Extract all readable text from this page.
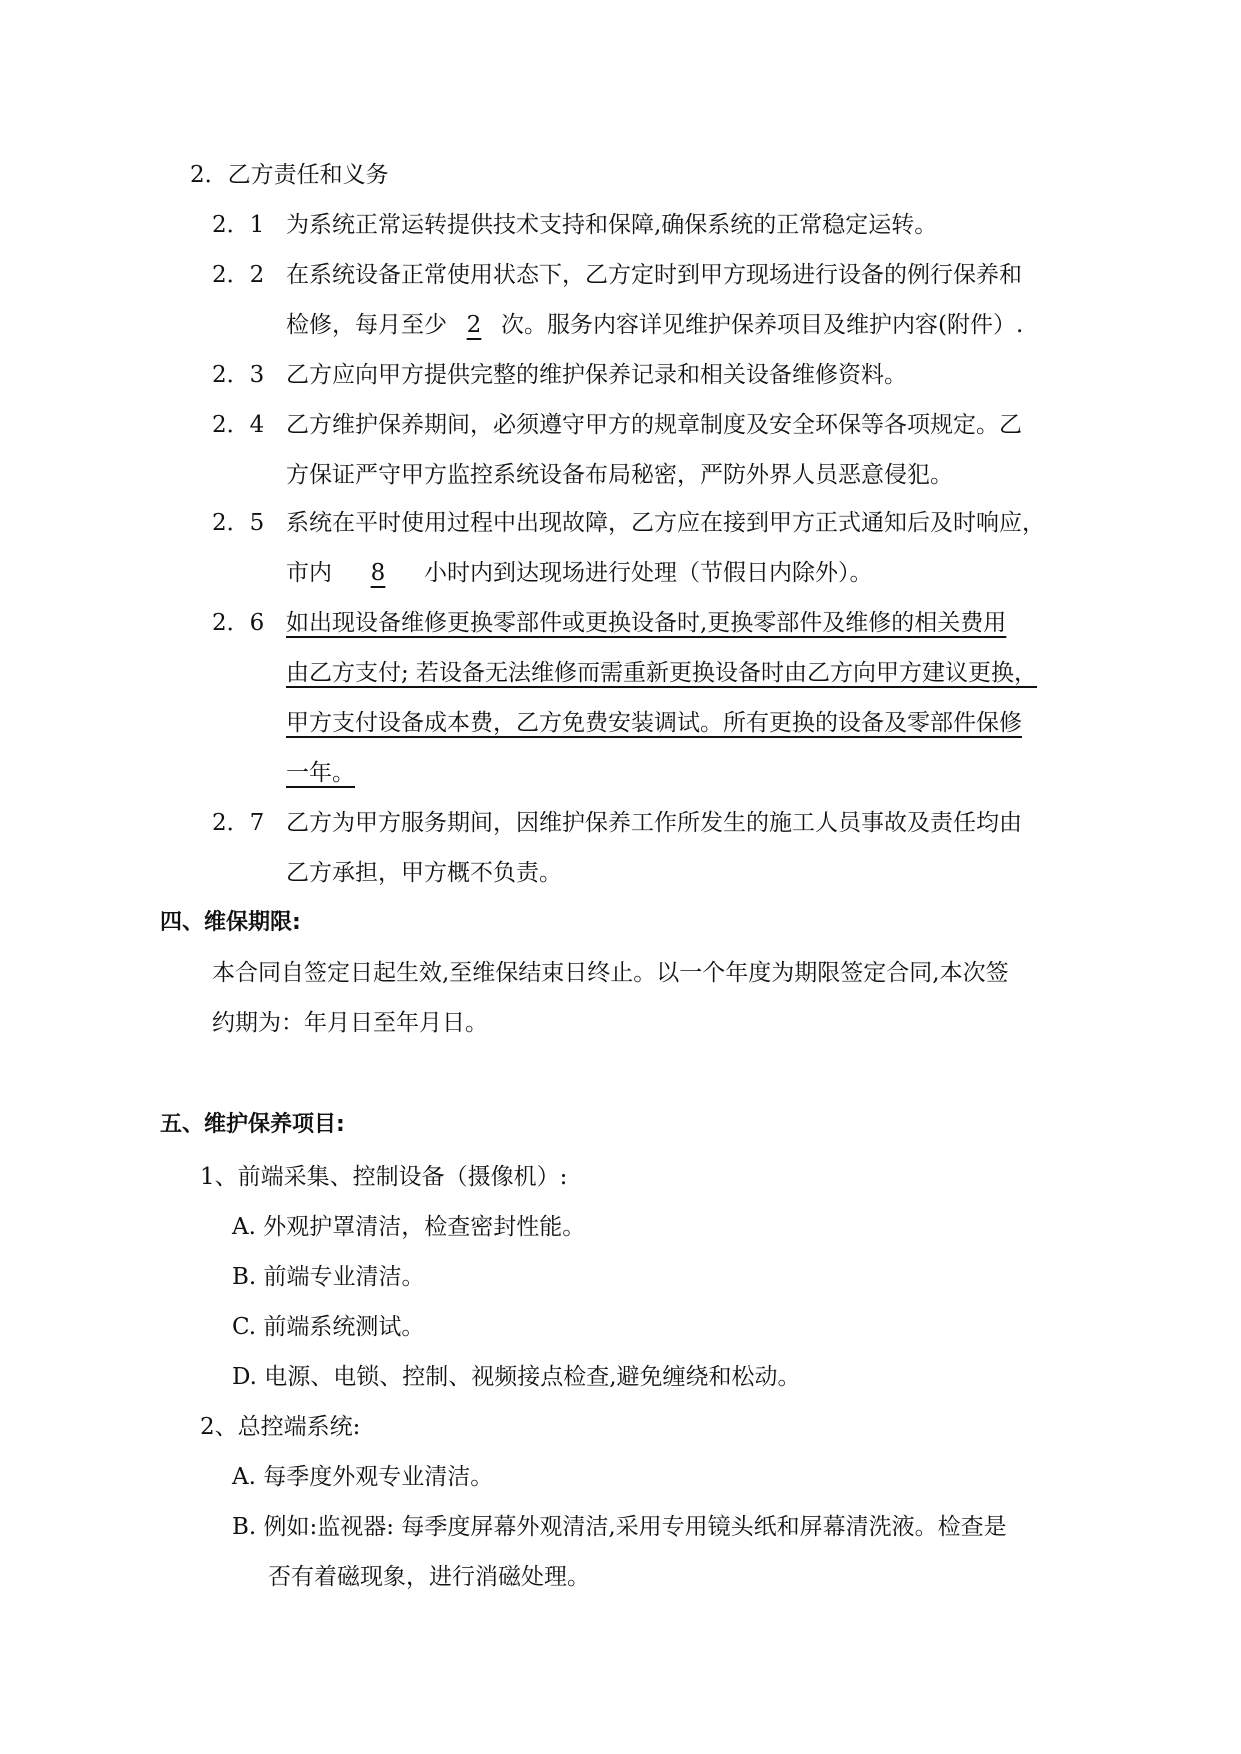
2．乙方责任和义务
2．1 为系统正常运转提供技术支持和保障,确保系统的正常稳定运转。
2．2 在系统设备正常使用状态下，乙方定时到甲方现场进行设备的例行保养和
检修，每月至少 2 次。服务内容详见维护保养项目及维护内容(附件）.
2．3 乙方应向甲方提供完整的维护保养记录和相关设备维修资料。
2．4 乙方维护保养期间，必须遵守甲方的规章制度及安全环保等各项规定。乙
方保证严守甲方监控系统设备布局秘密，严防外界人员恶意侵犯。
2．5 系统在平时使用过程中出现故障，乙方应在接到甲方正式通知后及时响应，
市内 8 小时内到达现场进行处理（节假日内除外）。
2．6 如出现设备维修更换零部件或更换设备时,更换零部件及维修的相关费用
由乙方支付; 若设备无法维修而需重新更换设备时由乙方向甲方建议更换，
甲方支付设备成本费，乙方免费安装调试。所有更换的设备及零部件保修
一年。
2．7 乙方为甲方服务期间，因维护保养工作所发生的施工人员事故及责任均由
乙方承担，甲方概不负责。
四、维保期限:
本合同自签定日起生效,至维保结束日终止。以一个年度为期限签定合同,本次签
约期为：年月日至年月日。
五、维护保养项目:
1、前端采集、控制设备（摄像机）:
A. 外观护罩清洁，检查密封性能。
B. 前端专业清洁。
C. 前端系统测试。
D. 电源、电锁、控制、视频接点检查,避免缠绕和松动。
2、总控端系统:
A. 每季度外观专业清洁。
B. 例如:监视器: 每季度屏幕外观清洁,采用专用镜头纸和屏幕清洗液。检查是
否有着磁现象，进行消磁处理。
